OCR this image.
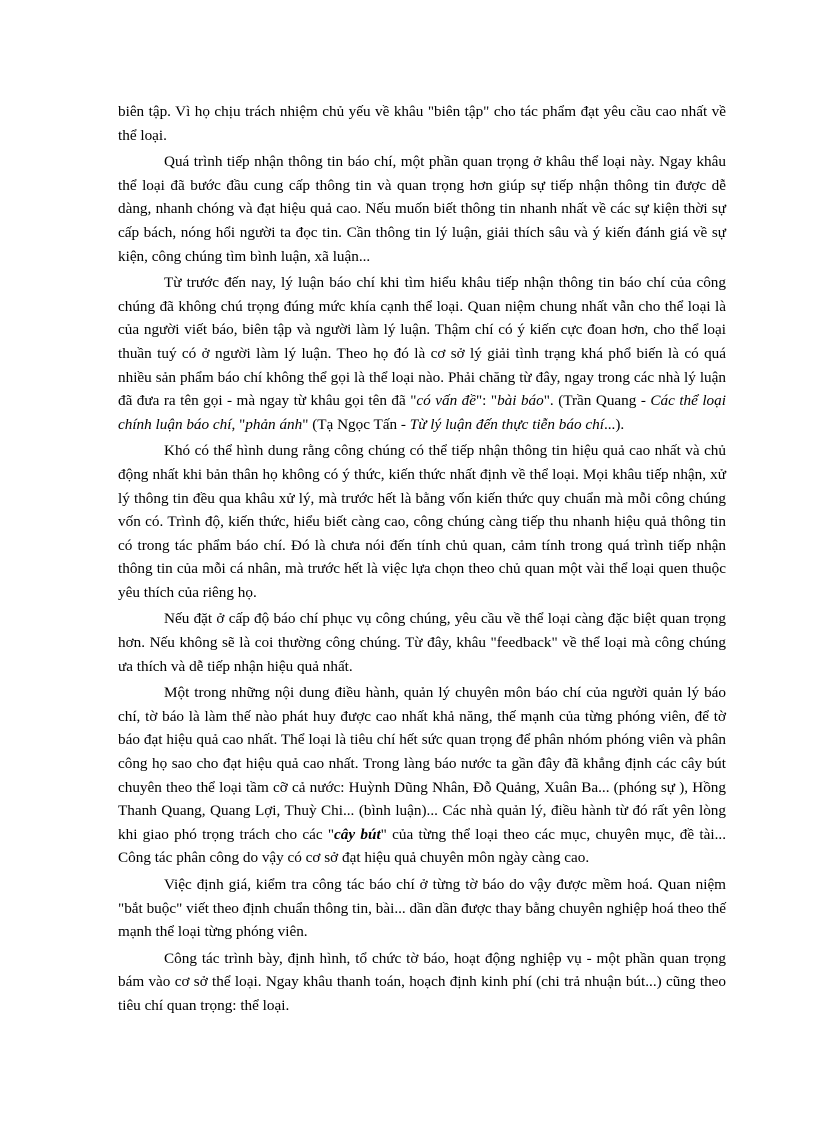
biên tập. Vì họ chịu trách nhiệm chủ yếu về khâu "biên tập" cho tác phẩm đạt yêu cầu cao nhất về thể loại.

Quá trình tiếp nhận thông tin báo chí, một phần quan trọng ở khâu thể loại này. Ngay khâu thể loại đã bước đầu cung cấp thông tin và quan trọng hơn giúp sự tiếp nhận thông tin được dễ dàng, nhanh chóng và đạt hiệu quả cao. Nếu muốn biết thông tin nhanh nhất về các sự kiện thời sự cấp bách, nóng hổi người ta đọc tin. Cần thông tin lý luận, giải thích sâu và ý kiến đánh giá về sự kiện, công chúng tìm bình luận, xã luận...

Từ trước đến nay, lý luận báo chí khi tìm hiểu khâu tiếp nhận thông tin báo chí của công chúng đã không chú trọng đúng mức khía cạnh thể loại. Quan niệm chung nhất vẫn cho thể loại là của người viết báo, biên tập và người làm lý luận. Thậm chí có ý kiến cực đoan hơn, cho thể loại thuần tuý có ở người làm lý luận. Theo họ đó là cơ sở lý giải tình trạng khá phổ biến là có quá nhiều sản phẩm báo chí không thể gọi là thể loại nào. Phải chăng từ đây, ngay trong các nhà lý luận đã đưa ra tên gọi - mà ngay từ khâu gọi tên đã "có vấn đề": "bài báo". (Trần Quang - Các thể loại chính luận báo chí, "phản ánh" (Tạ Ngọc Tấn - Từ lý luận đến thực tiễn báo chí...).

Khó có thể hình dung rằng công chúng có thể tiếp nhận thông tin hiệu quả cao nhất và chủ động nhất khi bản thân họ không có ý thức, kiến thức nhất định về thể loại. Mọi khâu tiếp nhận, xử lý thông tin đều qua khâu xử lý, mà trước hết là bằng vốn kiến thức quy chuẩn mà mỗi công chúng vốn có. Trình độ, kiến thức, hiểu biết càng cao, công chúng càng tiếp thu nhanh hiệu quả thông tin có trong tác phẩm báo chí. Đó là chưa nói đến tính chủ quan, cảm tính trong quá trình tiếp nhận thông tin của mỗi cá nhân, mà trước hết là việc lựa chọn theo chủ quan một vài thể loại quen thuộc yêu thích của riêng họ.

Nếu đặt ở cấp độ báo chí phục vụ công chúng, yêu cầu về thể loại càng đặc biệt quan trọng hơn. Nếu không sẽ là coi thường công chúng. Từ đây, khâu "feedback" về thể loại mà công chúng ưa thích và dễ tiếp nhận hiệu quả nhất.

Một trong những nội dung điều hành, quản lý chuyên môn báo chí của người quản lý báo chí, tờ báo là làm thế nào phát huy được cao nhất khả năng, thế mạnh của từng phóng viên, để tờ báo đạt hiệu quả cao nhất. Thể loại là tiêu chí hết sức quan trọng để phân nhóm phóng viên và phân công họ sao cho đạt hiệu quả cao nhất. Trong làng báo nước ta gần đây đã khẳng định các cây bút chuyên theo thể loại tầm cỡ cả nước: Huỳnh Dũng Nhân, Đỗ Quảng, Xuân Ba... (phóng sự ), Hồng Thanh Quang, Quang Lợi, Thuỳ Chi... (bình luận)... Các nhà quản lý, điều hành từ đó rất yên lòng khi giao phó trọng trách cho các "cây bút" của từng thể loại theo các mục, chuyên mục, đề tài... Công tác phân công do vậy có cơ sở đạt hiệu quả chuyên môn ngày càng cao.

Việc định giá, kiểm tra công tác báo chí ở từng tờ báo do vậy được mềm hoá. Quan niệm "bắt buộc" viết theo định chuẩn thông tin, bài... dần dần được thay bằng chuyên nghiệp hoá theo thế mạnh thể loại từng phóng viên.

Công tác trình bày, định hình, tổ chức tờ báo, hoạt động nghiệp vụ - một phần quan trọng bám vào cơ sở thể loại. Ngay khâu thanh toán, hoạch định kinh phí (chi trả nhuận bút...) cũng theo tiêu chí quan trọng: thể loại.
